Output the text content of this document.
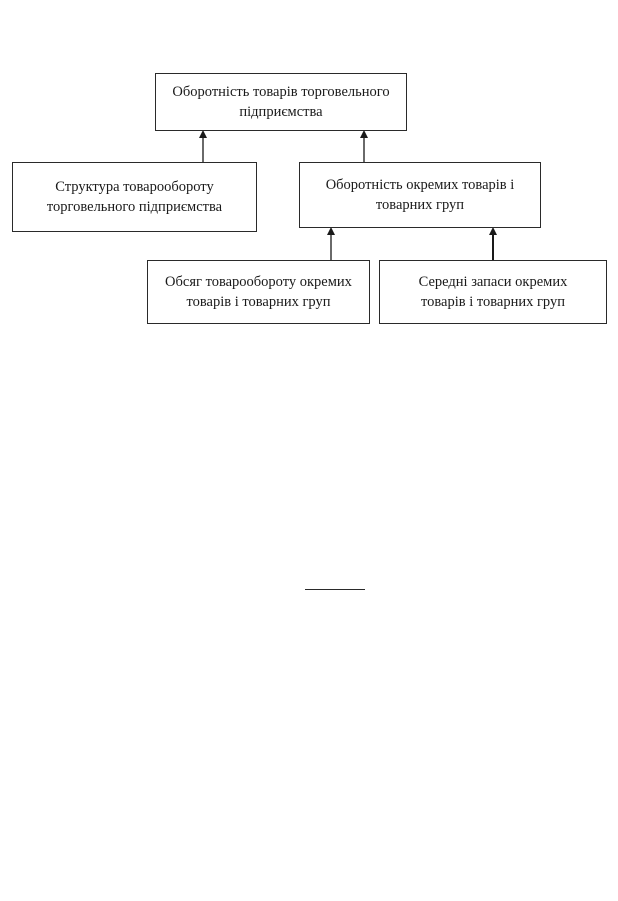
Оборотність товарів торговельного
підприємства
Структура товарообороту
торговельного підприємства
Оборотність окремих товарів і
товарних груп
Обсяг товарообороту окремих
товарів і товарних груп
Середні запаси окремих
товарів і товарних груп
